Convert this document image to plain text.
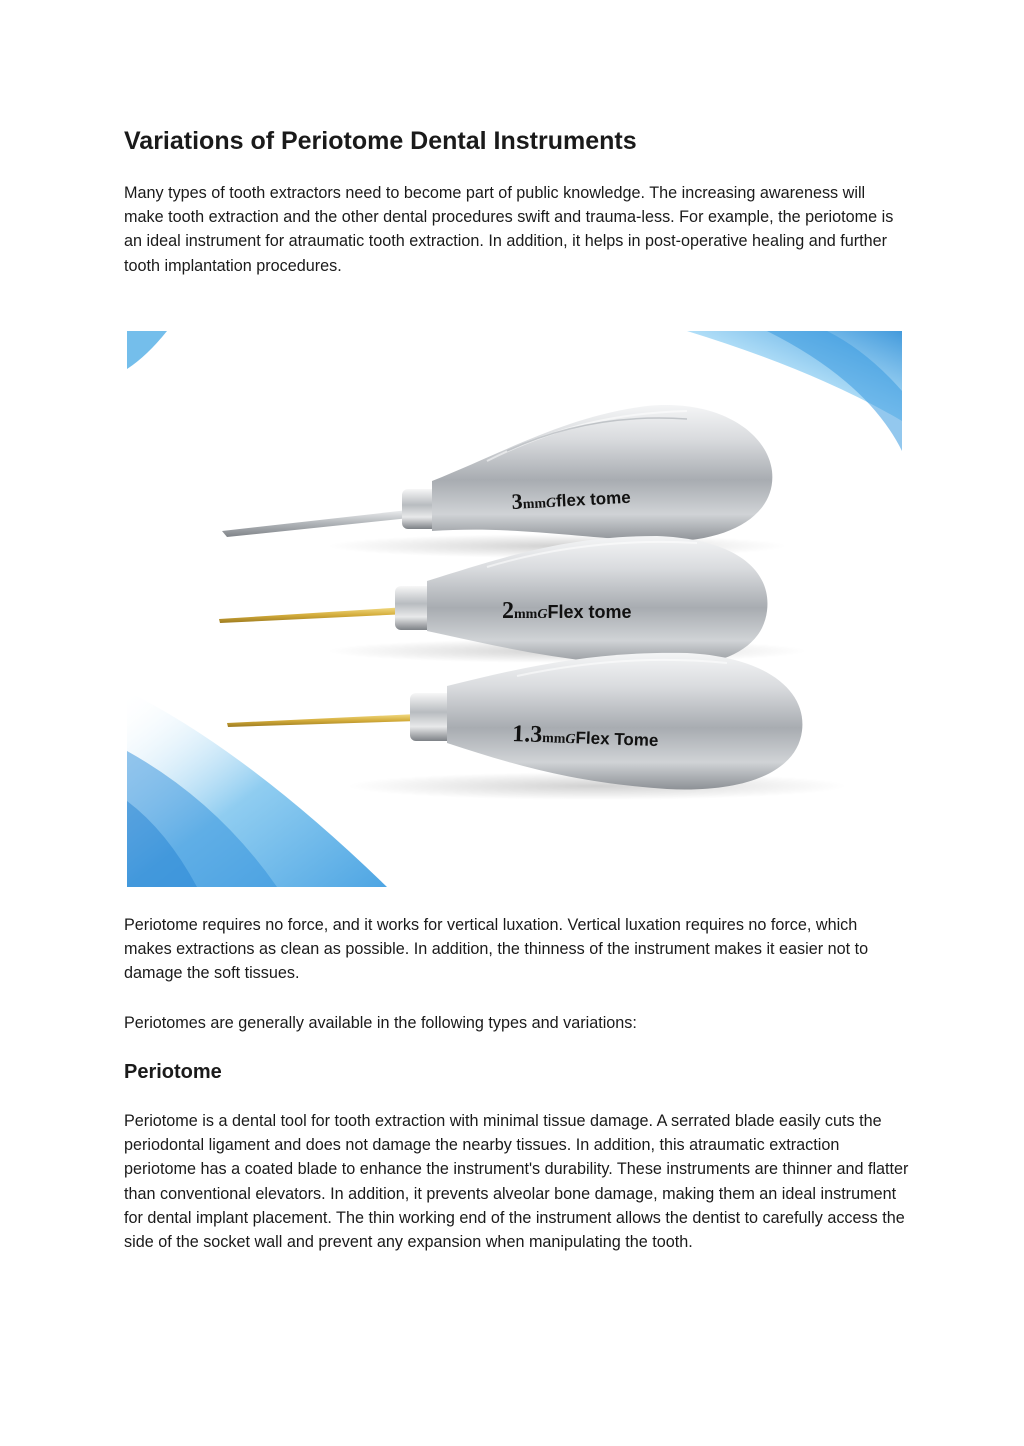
Variations of Periotome Dental Instruments

Many types of tooth extractors need to become part of public knowledge. The increasing awareness will make tooth extraction and the other dental procedures swift and trauma-less. For example, the periotome is an ideal instrument for atraumatic tooth extraction. In addition, it helps in post-operative healing and further tooth implantation procedures.

3mmGflex tome
2mmGFlex tome
1.3mmGFlex Tome

Periotome requires no force, and it works for vertical luxation. Vertical luxation requires no force, which makes extractions as clean as possible. In addition, the thinness of the instrument makes it easier not to damage the soft tissues.

Periotomes are generally available in the following types and variations:

Periotome

Periotome is a dental tool for tooth extraction with minimal tissue damage. A serrated blade easily cuts the periodontal ligament and does not damage the nearby tissues. In addition, this atraumatic extraction periotome has a coated blade to enhance the instrument's durability. These instruments are thinner and flatter than conventional elevators. In addition, it prevents alveolar bone damage, making them an ideal instrument for dental implant placement. The thin working end of the instrument allows the dentist to carefully access the side of the socket wall and prevent any expansion when manipulating the tooth.
